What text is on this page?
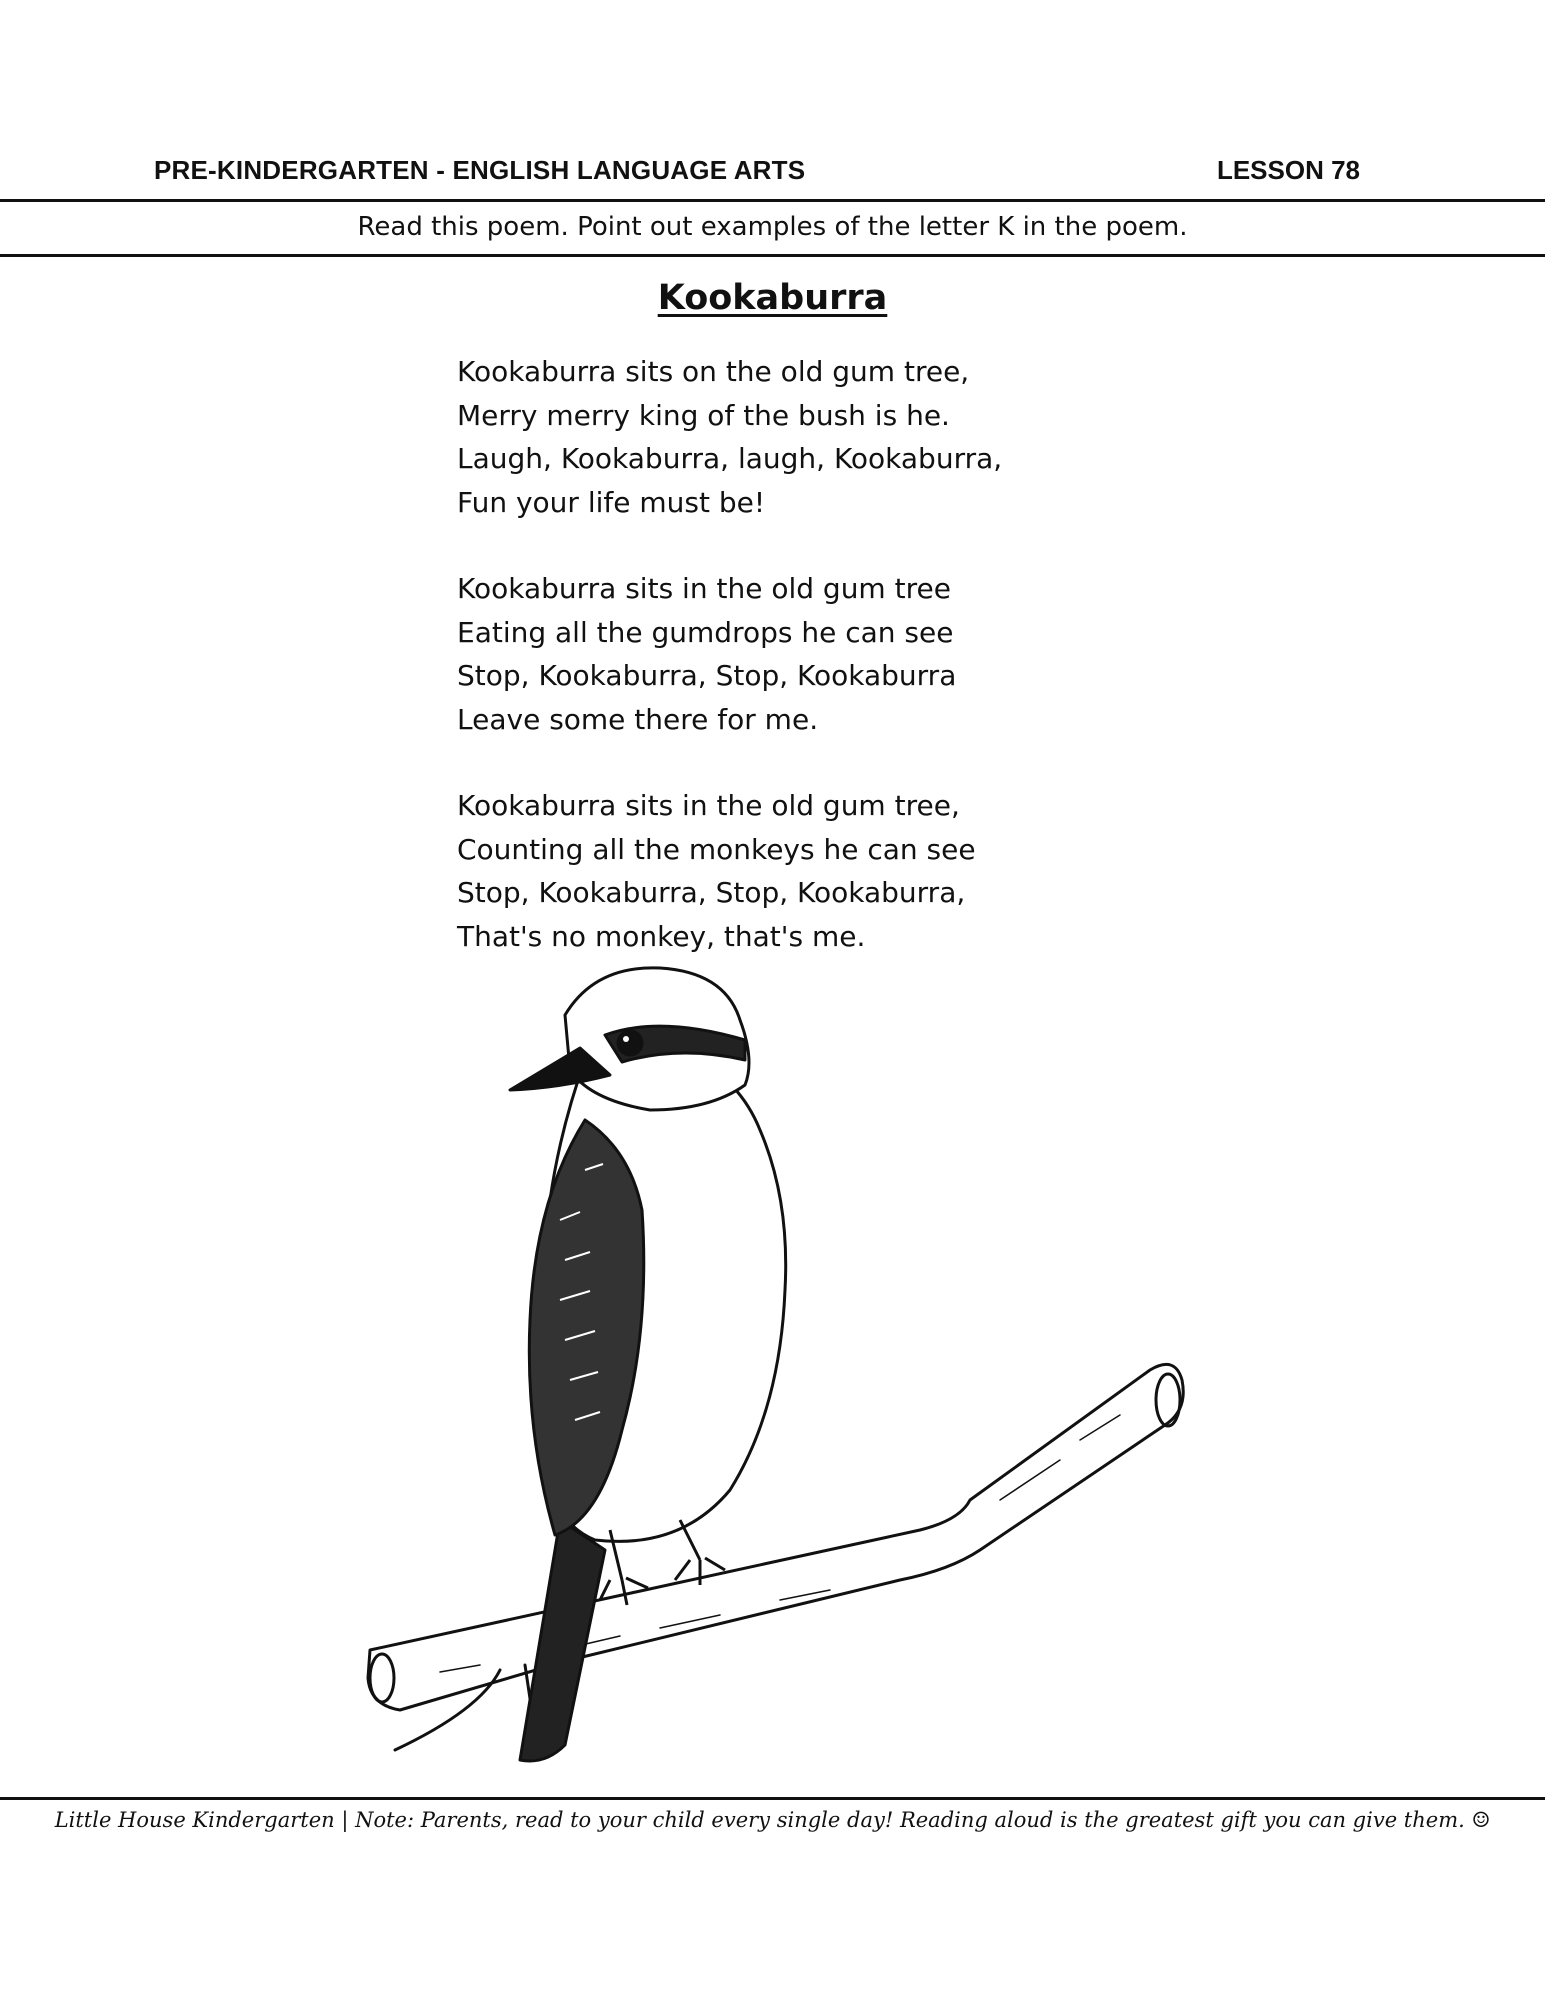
PRE-KINDERGARTEN - ENGLISH LANGUAGE ARTS	LESSON 78
Read this poem. Point out examples of the letter K in the poem.
Kookaburra
Kookaburra sits on the old gum tree,
Merry merry king of the bush is he.
Laugh, Kookaburra, laugh, Kookaburra,
Fun your life must be!
Kookaburra sits in the old gum tree
Eating all the gumdrops he can see
Stop, Kookaburra, Stop, Kookaburra
Leave some there for me.
Kookaburra sits in the old gum tree,
Counting all the monkeys he can see
Stop, Kookaburra, Stop, Kookaburra,
That's no monkey, that's me.
Little House Kindergarten | Note: Parents, read to your child every single day! Reading aloud is the greatest gift you can give them. ☺
